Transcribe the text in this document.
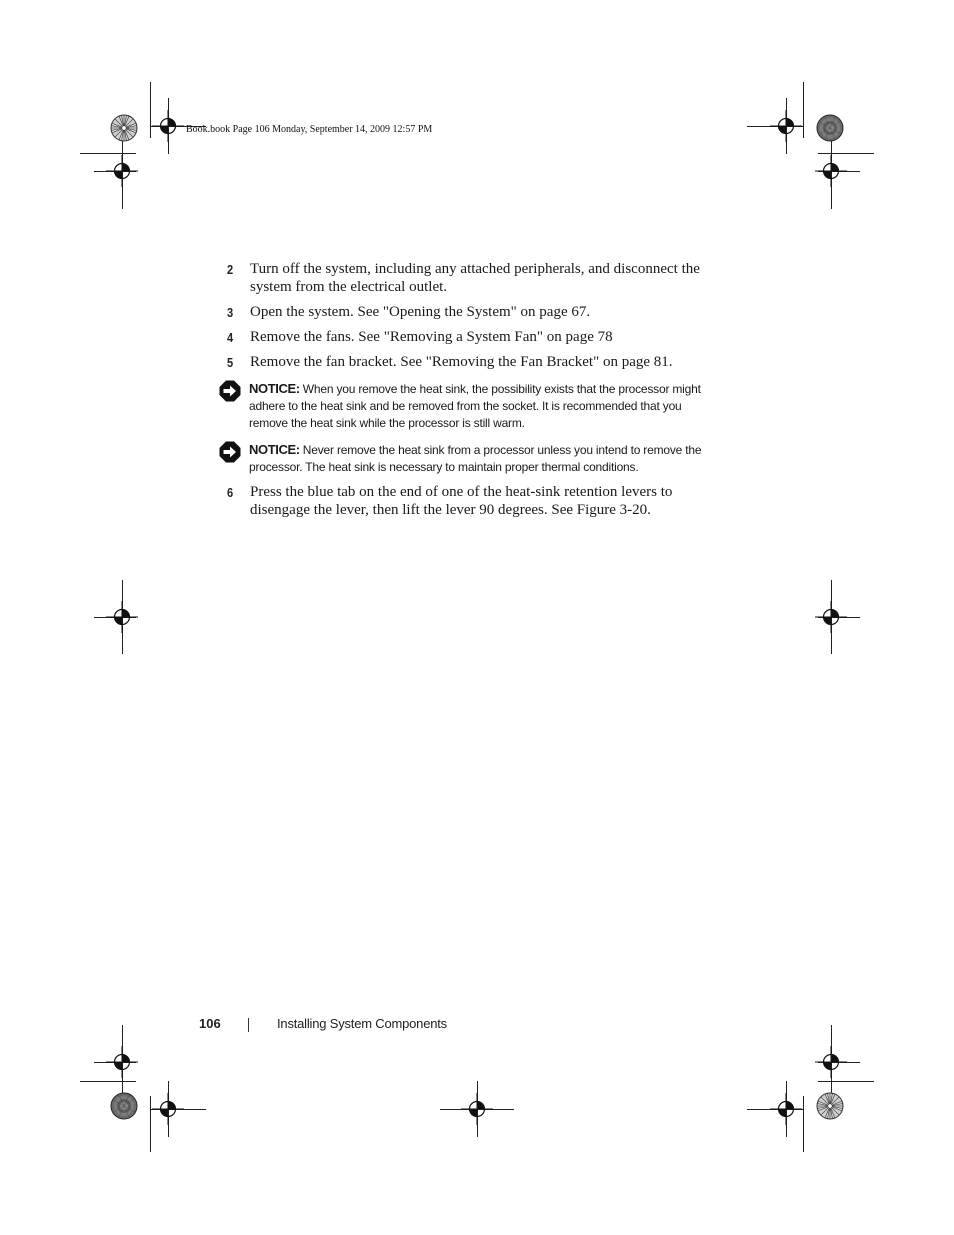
Book.book Page 106 Monday, September 14, 2009 12:57 PM
2 Turn off the system, including any attached peripherals, and disconnect the system from the electrical outlet.
3 Open the system. See "Opening the System" on page 67.
4 Remove the fans. See "Removing a System Fan" on page 78
5 Remove the fan bracket. See "Removing the Fan Bracket" on page 81.
NOTICE: When you remove the heat sink, the possibility exists that the processor might adhere to the heat sink and be removed from the socket. It is recommended that you remove the heat sink while the processor is still warm.
NOTICE: Never remove the heat sink from a processor unless you intend to remove the processor. The heat sink is necessary to maintain proper thermal conditions.
6 Press the blue tab on the end of one of the heat-sink retention levers to disengage the lever, then lift the lever 90 degrees. See Figure 3-20.
106	Installing System Components
